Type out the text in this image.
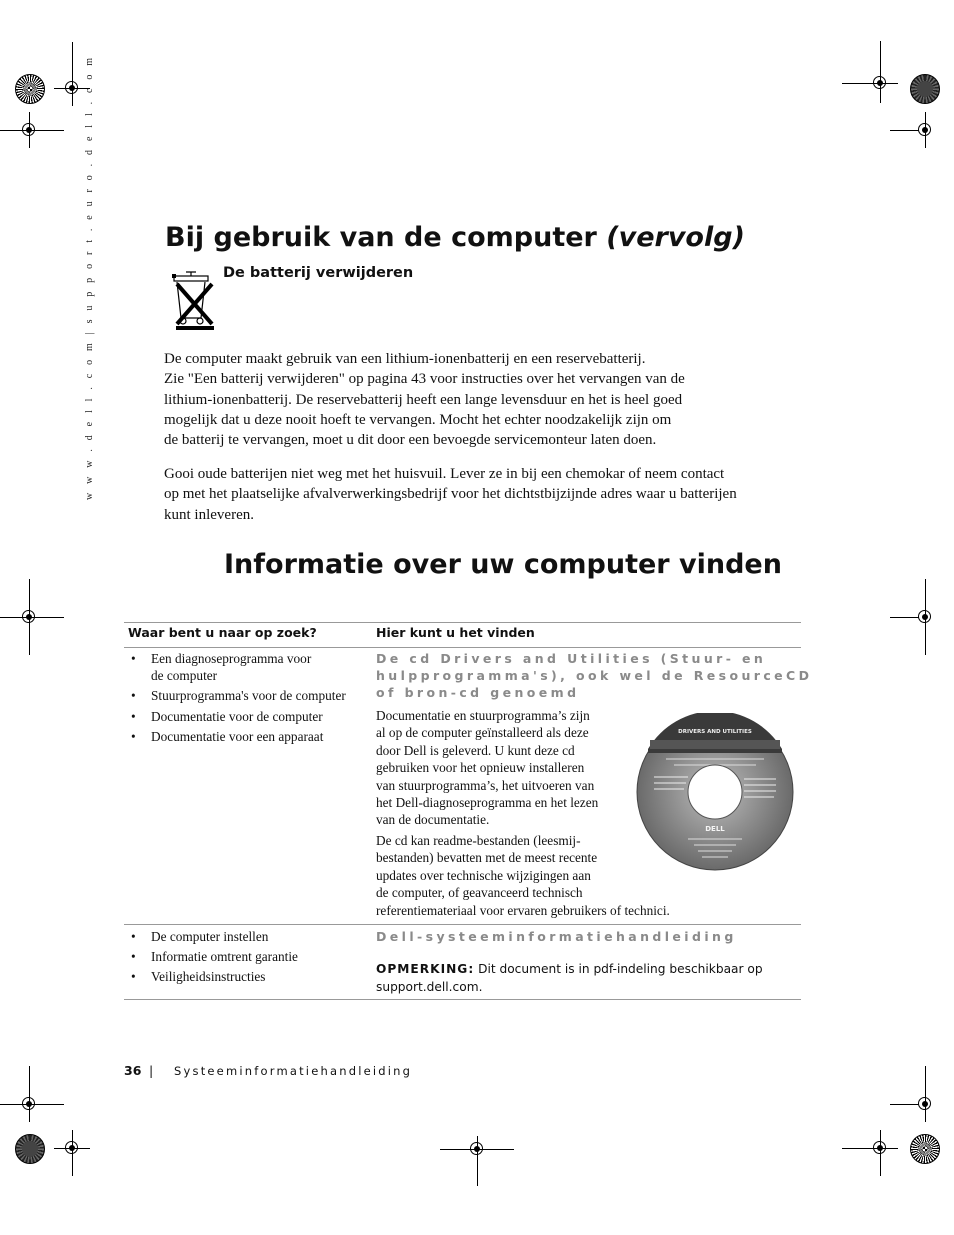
w w w . d e l l . c o m | s u p p o r t . e u r o . d e l l . c o m	Bij gebruik van de computer (vervolg)
De batterij verwijderen
De computer maakt gebruik van een lithium-ionenbatterij en een reservebatterij.
Zie "Een batterij verwijderen" op pagina 43 voor instructies over het vervangen van de
lithium-ionenbatterij. De reservebatterij heeft een lange levensduur en het is heel goed
mogelijk dat u deze nooit hoeft te vervangen. Mocht het echter noodzakelijk zijn om
de batterij te vervangen, moet u dit door een bevoegde servicemonteur laten doen.
Gooi oude batterijen niet weg met het huisvuil. Lever ze in bij een chemokar of neem contact
op met het plaatselijke afvalverwerkingsbedrijf voor het dichtstbijzijnde adres waar u batterijen
kunt inleveren.
Informatie over uw computer vinden
Waar bent u naar op zoek?	Hier kunt u het vinden
• Een diagnoseprogramma voor
de computer
• Stuurprogramma's voor de computer
• Documentatie voor de computer
• Documentatie voor een apparaat
De cd Drivers and Utilities (Stuur- en
hulpprogramma's), ook wel de ResourceCD
of bron-cd genoemd
Documentatie en stuurprogramma’s zijn
al op de computer geïnstalleerd als deze
door Dell is geleverd. U kunt deze cd
gebruiken voor het opnieuw installeren
van stuurprogramma’s, het uitvoeren van
het Dell-diagnoseprogramma en het lezen
van de documentatie.
De cd kan readme-bestanden (leesmij-
bestanden) bevatten met de meest recente
updates over technische wijzigingen aan
de computer, of geavanceerd technisch
referentiemateriaal voor ervaren gebruikers of technici.
DRIVERS AND UTILITIES
DELL
• De computer instellen
• Informatie omtrent garantie
• Veiligheidsinstructies
Dell-systeeminformatiehandleiding
OPMERKING: Dit document is in pdf-indeling beschikbaar op
support.dell.com.
36 | Systeeminformatiehandleiding
